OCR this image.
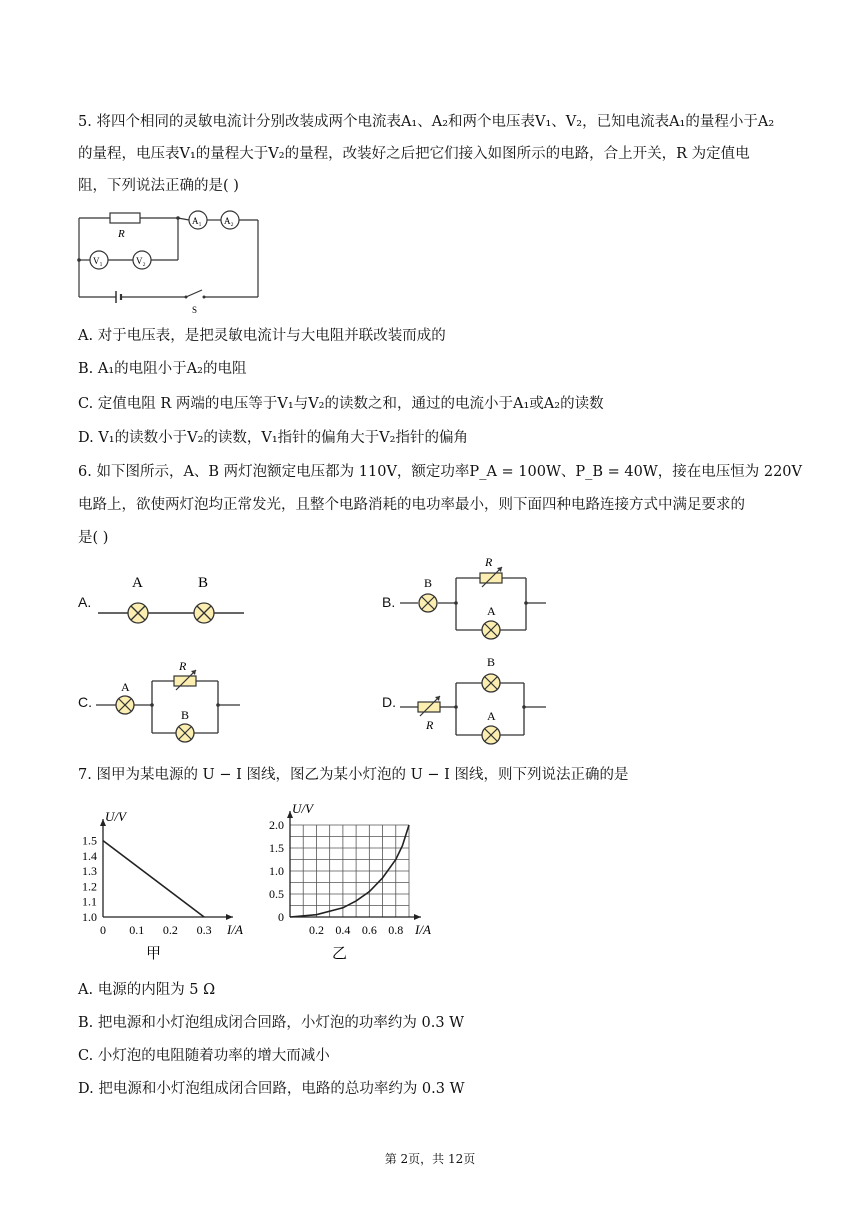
5. 将四个相同的灵敏电流计分别改装成两个电流表A₁、A₂和两个电压表V₁、V₂，已知电流表A₁的量程小于A₂
的量程，电压表V₁的量程大于V₂的量程，改装好之后把它们接入如图所示的电路，合上开关，R 为定值电
阻，下列说法正确的是( )
R
A₁ A₂
V₁	V₂
S
A. 对于电压表，是把灵敏电流计与大电阻并联改装而成的
B. A₁的电阻小于A₂的电阻
C. 定值电阻 R 两端的电压等于V₁与V₂的读数之和，通过的电流小于A₁或A₂的读数
D. V₁的读数小于V₂的读数，V₁指针的偏角大于V₂指针的偏角
6. 如下图所示，A、B 两灯泡额定电压都为 110V，额定功率P_A = 100W、P_B = 40W，接在电压恒为 220V
电路上，欲使两灯泡均正常发光，且整个电路消耗的电功率最小，则下面四种电路连接方式中满足要求的
是( )
A.
A	B
B.
B
R
A
C.
A
R
B
D.
R
B
A
7. 图甲为某电源的 U − I 图线，图乙为某小灯泡的 U − I 图线，则下列说法正确的是
U/V
I/A
1.0
1.1
1.2
1.3
1.4
1.5
0 0.1 0.2 0.3
甲
U/V
I/A
0
0.5
1.0
1.5
2.0
0.2 0.4 0.6 0.8
乙
A. 电源的内阻为 5 Ω
B. 把电源和小灯泡组成闭合回路，小灯泡的功率约为 0.3 W
C. 小灯泡的电阻随着功率的增大而减小
D. 把电源和小灯泡组成闭合回路，电路的总功率约为 0.3 W
第 2页，共 12页
